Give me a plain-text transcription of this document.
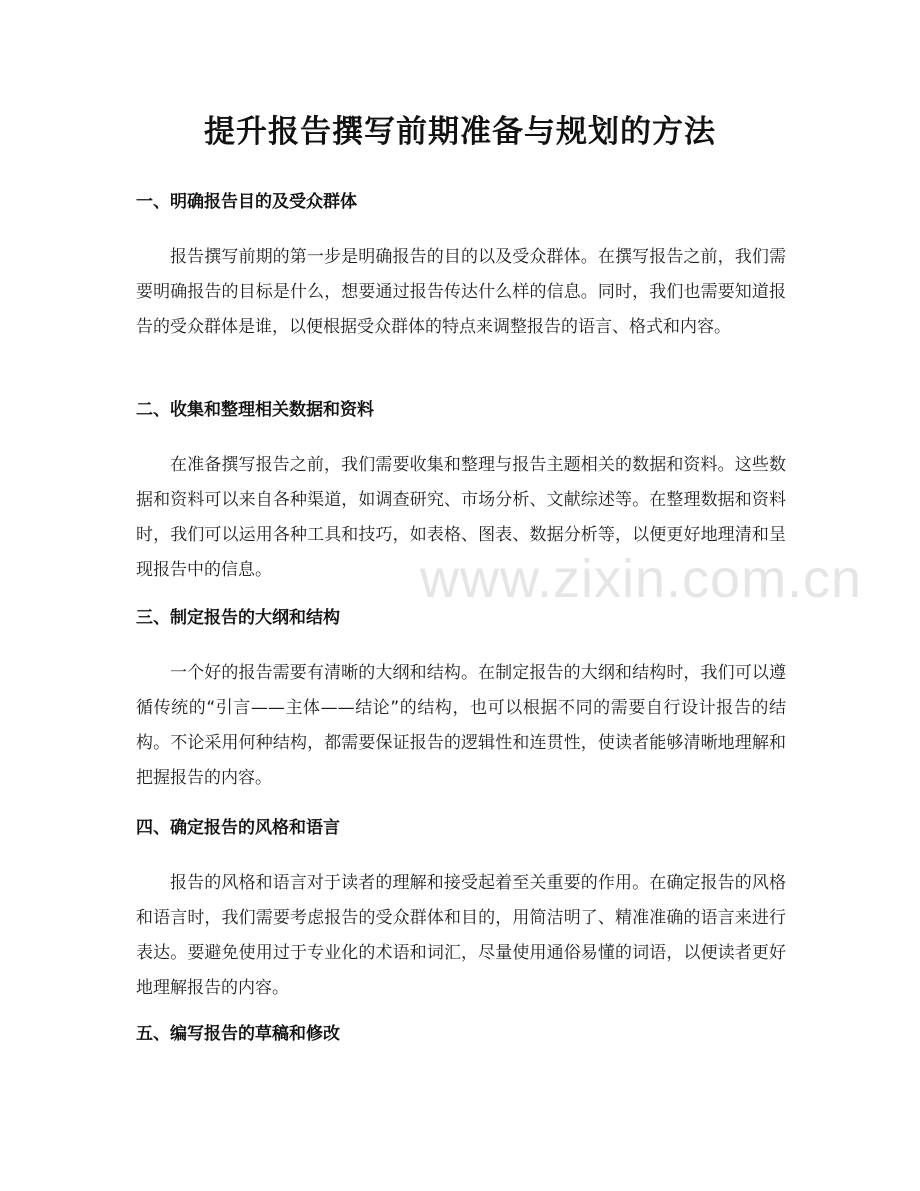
提升报告撰写前期准备与规划的方法

一、明确报告目的及受众群体

报告撰写前期的第一步是明确报告的目的以及受众群体。在撰写报告之前，我们需要明确报告的目标是什么，想要通过报告传达什么样的信息。同时，我们也需要知道报告的受众群体是谁，以便根据受众群体的特点来调整报告的语言、格式和内容。

二、收集和整理相关数据和资料

在准备撰写报告之前，我们需要收集和整理与报告主题相关的数据和资料。这些数据和资料可以来自各种渠道，如调查研究、市场分析、文献综述等。在整理数据和资料时，我们可以运用各种工具和技巧，如表格、图表、数据分析等，以便更好地理清和呈现报告中的信息。

三、制定报告的大纲和结构

一个好的报告需要有清晰的大纲和结构。在制定报告的大纲和结构时，我们可以遵循传统的“引言——主体——结论”的结构，也可以根据不同的需要自行设计报告的结构。不论采用何种结构，都需要保证报告的逻辑性和连贯性，使读者能够清晰地理解和把握报告的内容。

四、确定报告的风格和语言

报告的风格和语言对于读者的理解和接受起着至关重要的作用。在确定报告的风格和语言时，我们需要考虑报告的受众群体和目的，用简洁明了、精准准确的语言来进行表达。要避免使用过于专业化的术语和词汇，尽量使用通俗易懂的词语，以便读者更好地理解报告的内容。

五、编写报告的草稿和修改

www.zixin.com.cn
